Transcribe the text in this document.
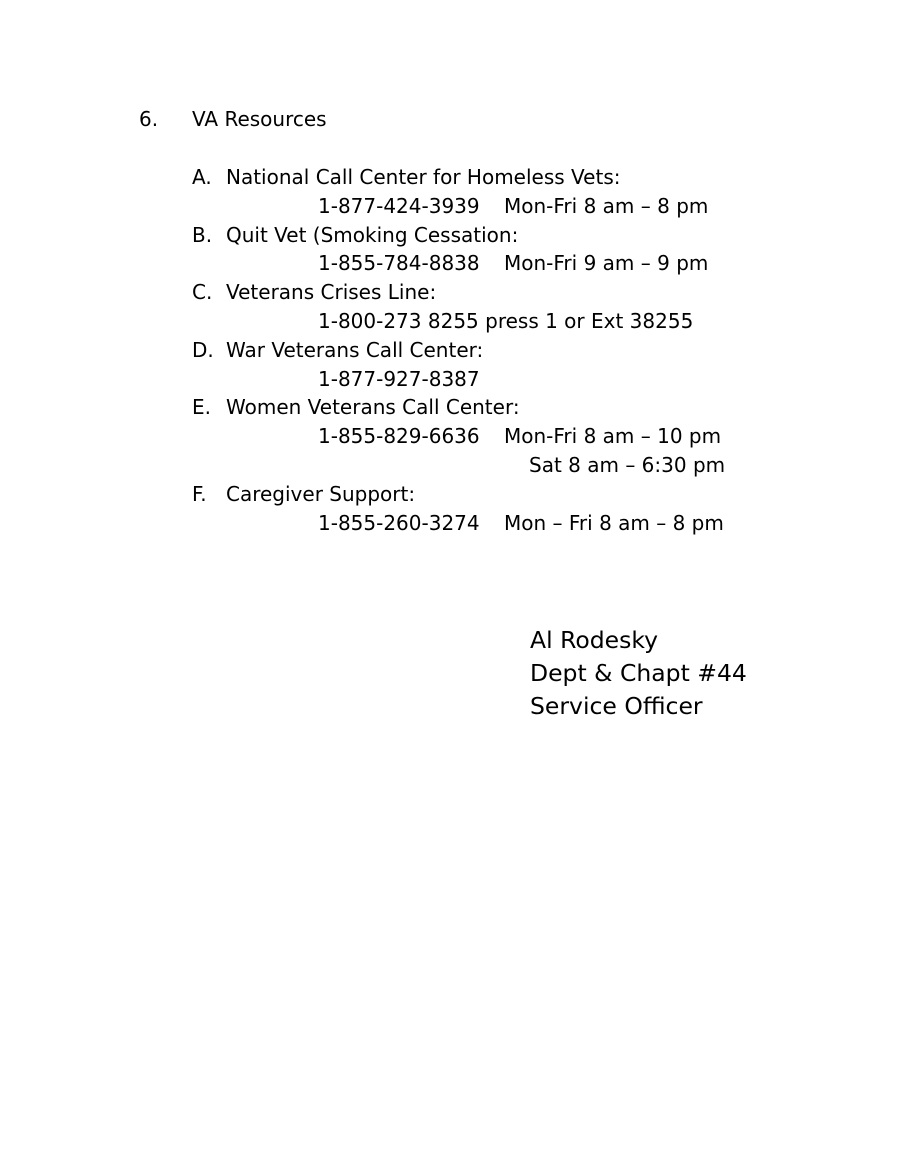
6. VA Resources
A. National Call Center for Homeless Vets:
1-877-424-3939 Mon-Fri 8 am – 8 pm
B. Quit Vet (Smoking Cessation:
1-855-784-8838 Mon-Fri 9 am – 9 pm
C. Veterans Crises Line:
1-800-273 8255 press 1 or Ext 38255
D. War Veterans Call Center:
1-877-927-8387
E. Women Veterans Call Center:
1-855-829-6636 Mon-Fri 8 am – 10 pm
Sat 8 am – 6:30 pm
F. Caregiver Support:
1-855-260-3274 Mon – Fri 8 am – 8 pm
Al Rodesky
Dept & Chapt #44
Service Officer
